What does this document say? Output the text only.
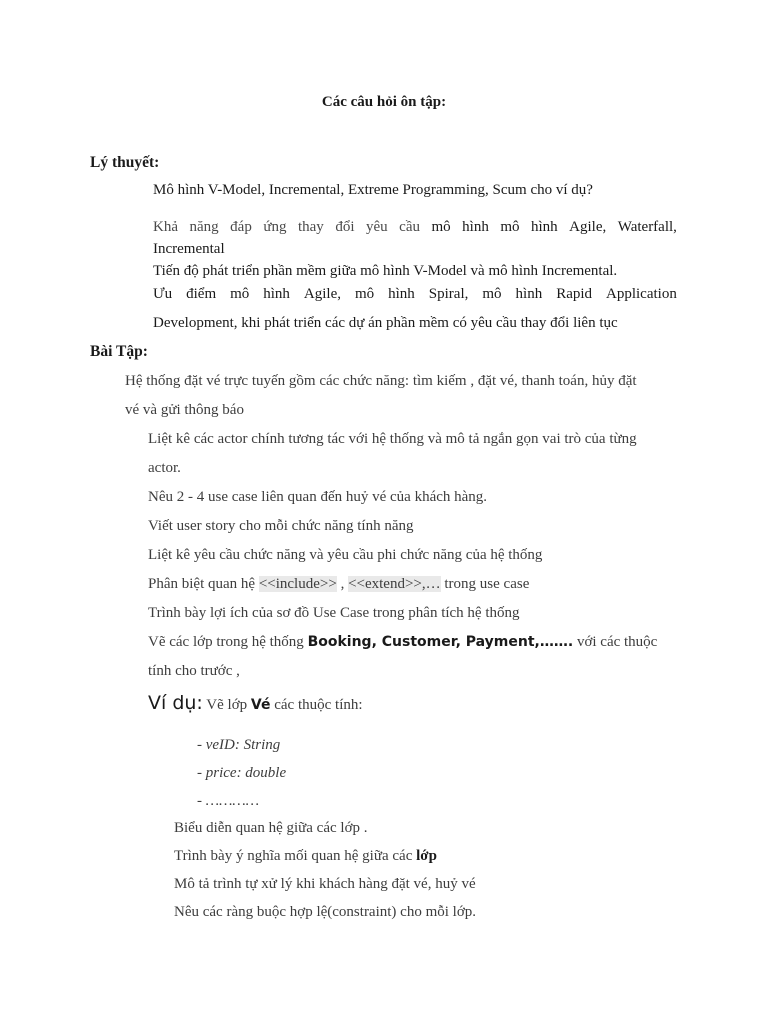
Các câu hỏi ôn tập:
Lý thuyết:
Mô hình V-Model, Incremental, Extreme Programming, Scum cho ví dụ?
Khả năng đáp ứng thay đổi yêu cầu mô hình mô hình Agile, Waterfall,
Incremental
Tiến độ phát triển phần mềm giữa mô hình V-Model và mô hình Incremental.
Ưu điểm mô hình Agile, mô hình Spiral, mô hình Rapid Application
Development, khi phát triển các dự án phần mềm có yêu cầu thay đổi liên tục
Bài Tập:
Hệ thống đặt vé trực tuyến gồm các chức năng: tìm kiếm , đặt vé, thanh toán, hủy đặt
vé và gửi thông báo
Liệt kê các actor chính tương tác với hệ thống và mô tả ngắn gọn vai trò của từng
actor.
Nêu 2 - 4 use case liên quan đến huỷ vé của khách hàng.
Viết user story cho mỗi chức năng tính năng
Liệt kê yêu cầu chức năng và yêu cầu phi chức năng của hệ thống
Phân biệt quan hệ <<include>> , <<extend>>,… trong use case
Trình bày lợi ích của sơ đồ Use Case trong phân tích hệ thống
Vẽ các lớp trong hệ thống Booking, Customer, Payment,……. với các thuộc
tính cho trước ,
Ví dụ: Vẽ lớp Vé các thuộc tính:
- veID: String
- price: double
- …………
Biểu diễn quan hệ giữa các lớp .
Trình bày ý nghĩa mối quan hệ giữa các lớp
Mô tả trình tự xử lý khi khách hàng đặt vé, huỷ vé
Nêu các ràng buộc hợp lệ(constraint) cho mỗi lớp.
